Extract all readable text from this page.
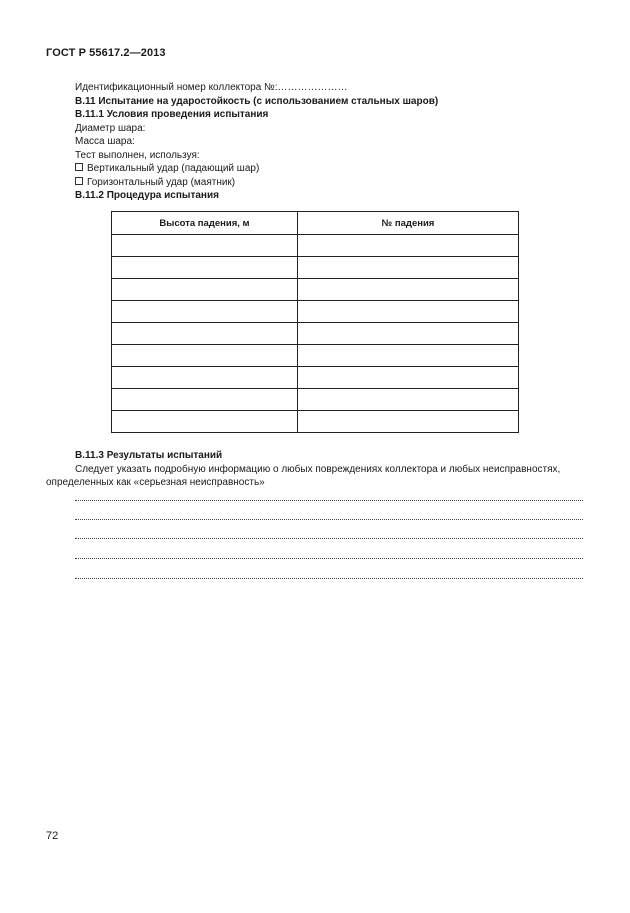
ГОСТ Р 55617.2—2013
Идентификационный номер коллектора №:…………………
В.11 Испытание на ударостойкость (с использованием стальных шаров)
В.11.1 Условия проведения испытания
Диаметр шара:
Масса шара:
Тест выполнен, используя:
Вертикальный удар (падающий шар)
Горизонтальный удар (маятник)
В.11.2 Процедура испытания
Высота падения, м	№ падения

В.11.3 Результаты испытаний
Следует указать подробную информацию о любых повреждениях коллектора и любых неисправностях,
определенных как «серьезная неисправность»
72
